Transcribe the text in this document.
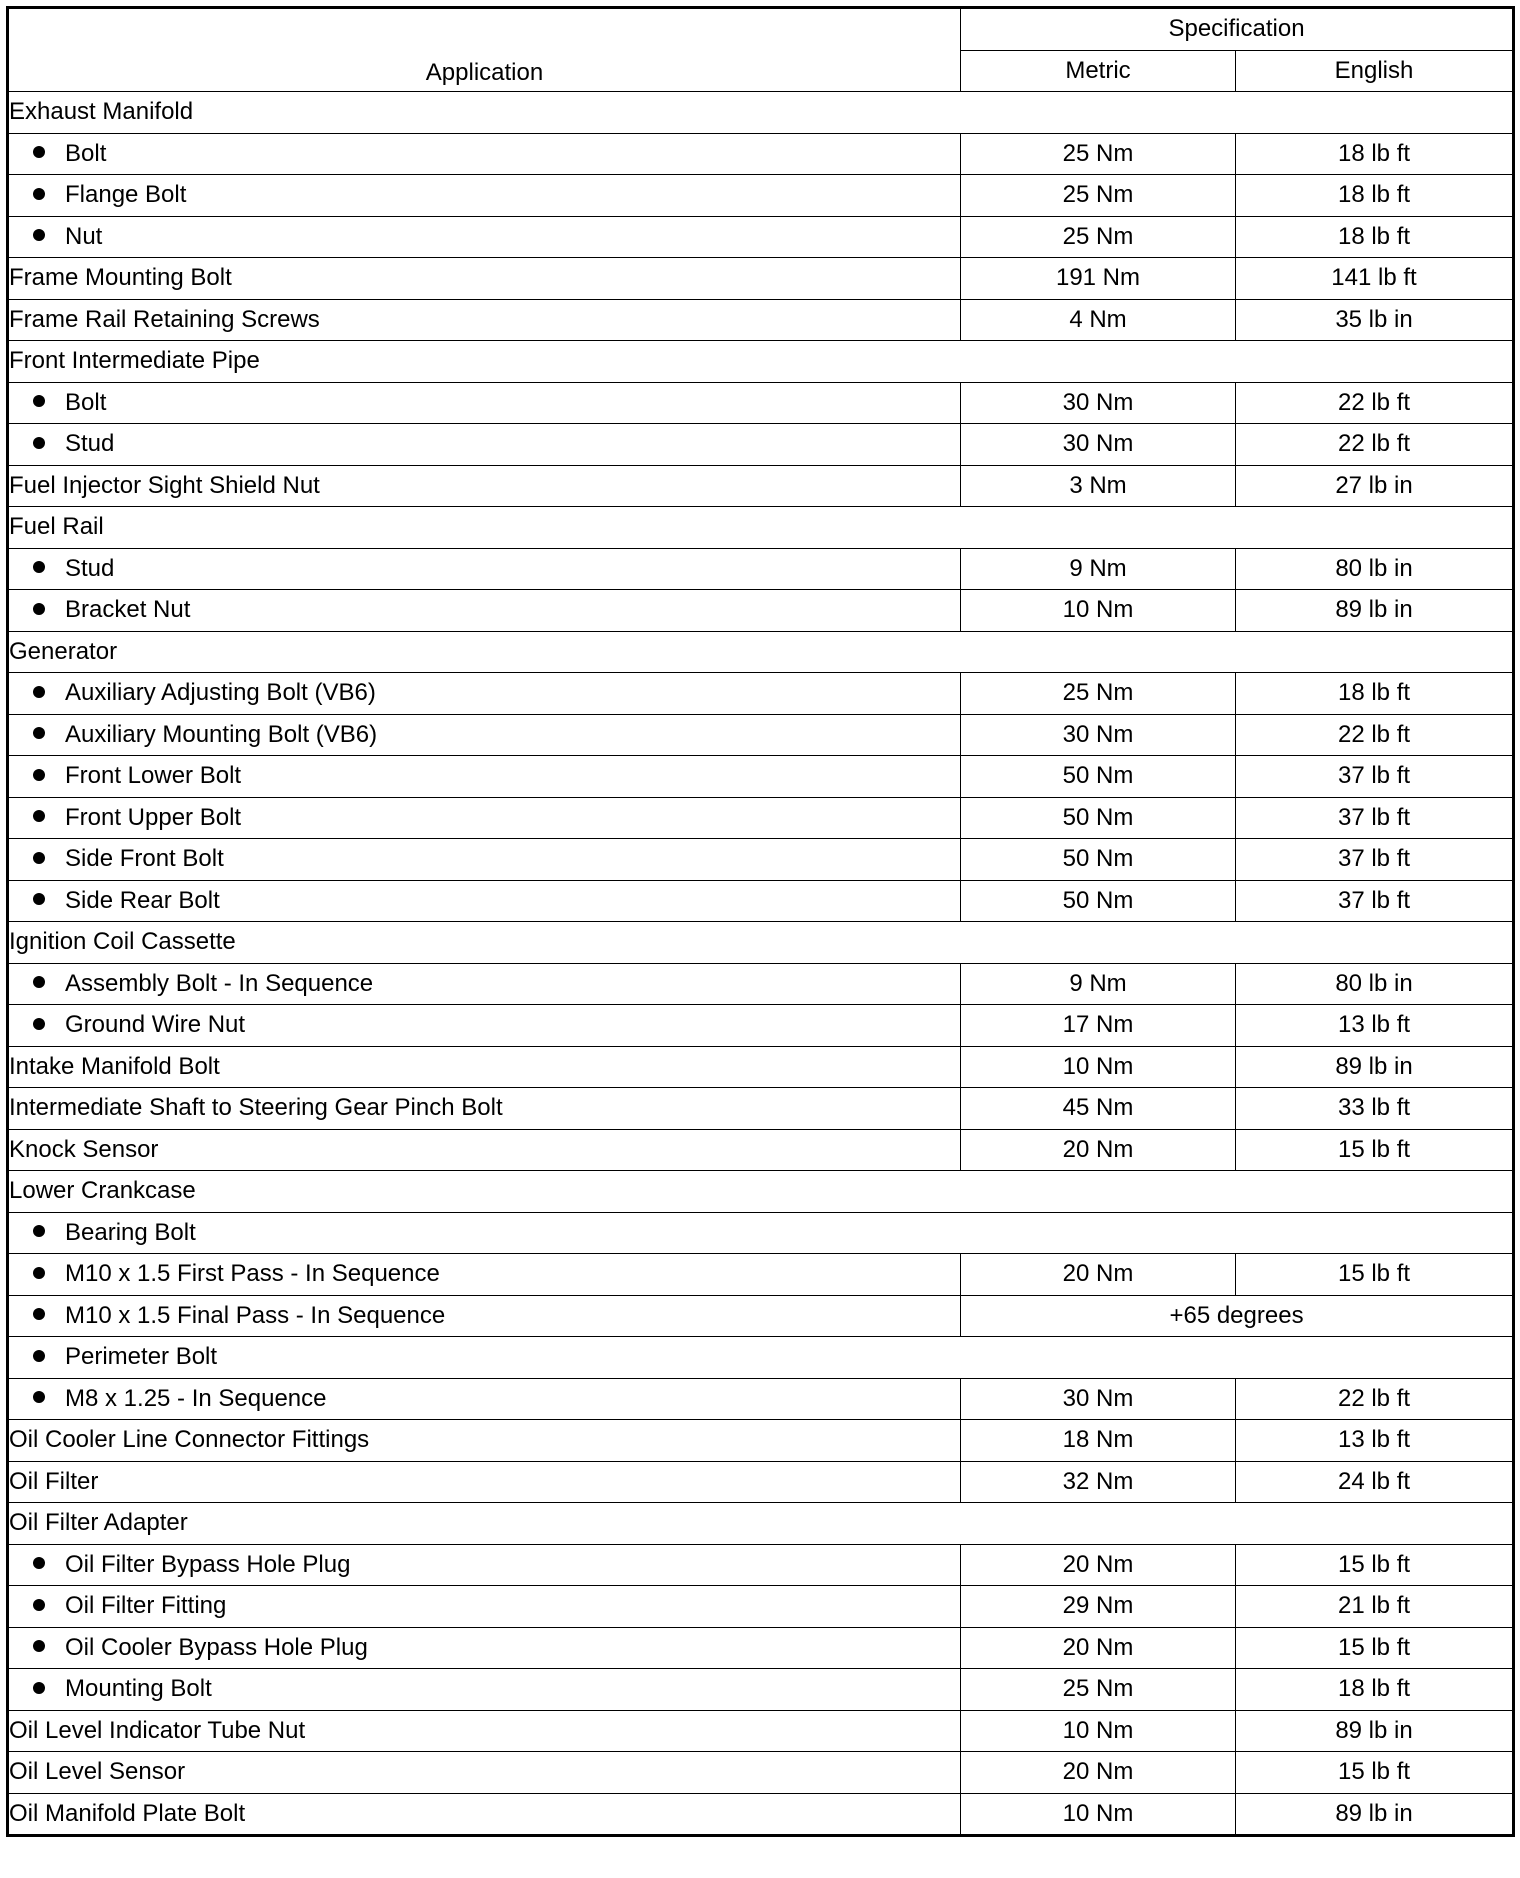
Application	Specification	
	Metric	English
Exhaust Manifold		
Bolt	25 Nm	18 lb ft
Flange Bolt	25 Nm	18 lb ft
Nut	25 Nm	18 lb ft
Frame Mounting Bolt	191 Nm	141 lb ft
Frame Rail Retaining Screws	4 Nm	35 lb in
Front Intermediate Pipe		
Bolt	30 Nm	22 lb ft
Stud	30 Nm	22 lb ft
Fuel Injector Sight Shield Nut	3 Nm	27 lb in
Fuel Rail		
Stud	9 Nm	80 lb in
Bracket Nut	10 Nm	89 lb in
Generator		
Auxiliary Adjusting Bolt (VB6)	25 Nm	18 lb ft
Auxiliary Mounting Bolt (VB6)	30 Nm	22 lb ft
Front Lower Bolt	50 Nm	37 lb ft
Front Upper Bolt	50 Nm	37 lb ft
Side Front Bolt	50 Nm	37 lb ft
Side Rear Bolt	50 Nm	37 lb ft
Ignition Coil Cassette		
Assembly Bolt - In Sequence	9 Nm	80 lb in
Ground Wire Nut	17 Nm	13 lb ft
Intake Manifold Bolt	10 Nm	89 lb in
Intermediate Shaft to Steering Gear Pinch Bolt	45 Nm	33 lb ft
Knock Sensor	20 Nm	15 lb ft
Lower Crankcase		
Bearing Bolt		
M10 x 1.5 First Pass - In Sequence	20 Nm	15 lb ft
M10 x 1.5 Final Pass - In Sequence	+65 degrees	
Perimeter Bolt		
M8 x 1.25 - In Sequence	30 Nm	22 lb ft
Oil Cooler Line Connector Fittings	18 Nm	13 lb ft
Oil Filter	32 Nm	24 lb ft
Oil Filter Adapter		
Oil Filter Bypass Hole Plug	20 Nm	15 lb ft
Oil Filter Fitting	29 Nm	21 lb ft
Oil Cooler Bypass Hole Plug	20 Nm	15 lb ft
Mounting Bolt	25 Nm	18 lb ft
Oil Level Indicator Tube Nut	10 Nm	89 lb in
Oil Level Sensor	20 Nm	15 lb ft
Oil Manifold Plate Bolt	10 Nm	89 lb in
